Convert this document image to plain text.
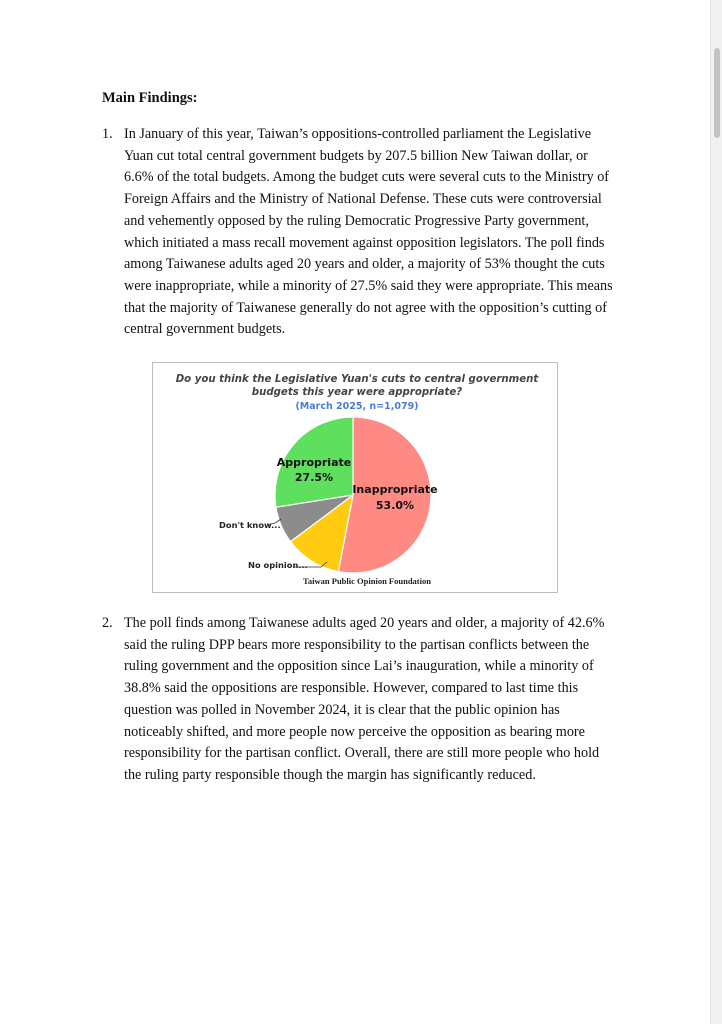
Main Findings:
1. In January of this year, Taiwan’s oppositions-controlled parliament the Legislative Yuan cut total central government budgets by 207.5 billion New Taiwan dollar, or 6.6% of the total budgets. Among the budget cuts were several cuts to the Ministry of Foreign Affairs and the Ministry of National Defense. These cuts were controversial and vehemently opposed by the ruling Democratic Progressive Party government, which initiated a mass recall movement against opposition legislators. The poll finds among Taiwanese adults aged 20 years and older, a majority of 53% thought the cuts were inappropriate, while a minority of 27.5% said they were appropriate. This means that the majority of Taiwanese generally do not agree with the opposition’s cutting of central government budgets.
Do you think the Legislative Yuan's cuts to central government
budgets this year were appropriate?
(March 2025, n=1,079)
Appropriate
27.5%
Inappropriate
53.0%
Don't know...
No opinion...
Taiwan Public Opinion Foundation
2. The poll finds among Taiwanese adults aged 20 years and older, a majority of 42.6% said the ruling DPP bears more responsibility to the partisan conflicts between the ruling government and the opposition since Lai’s inauguration, while a minority of 38.8% said the oppositions are responsible. However, compared to last time this question was polled in November 2024, it is clear that the public opinion has noticeably shifted, and more people now perceive the opposition as bearing more responsibility for the partisan conflict. Overall, there are still more people who hold the ruling party responsible though the margin has significantly reduced.
